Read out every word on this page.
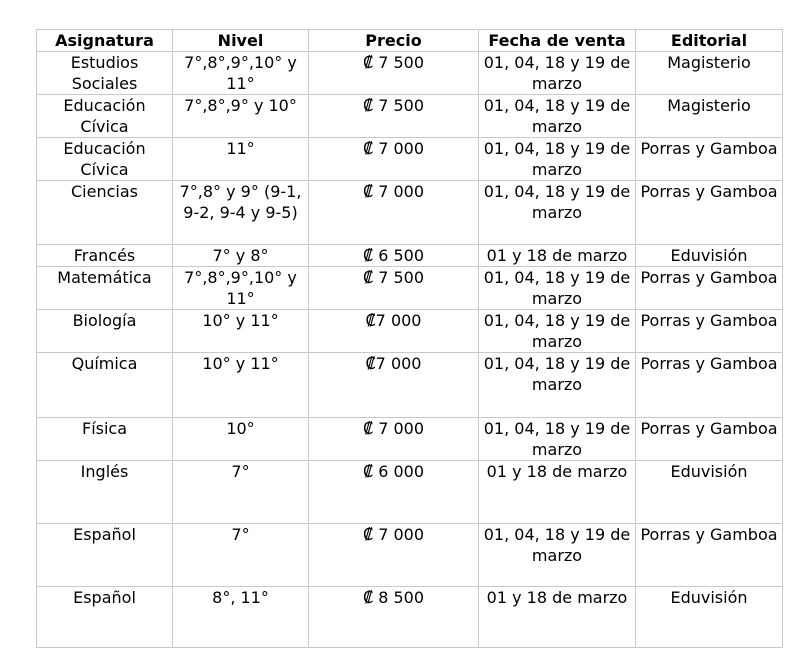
Asignatura	Nivel	Precio	Fecha de venta	Editorial
Estudios Sociales	7°,8°,9°,10° y 11°	₡ 7 500	01, 04, 18 y 19 de marzo	Magisterio
Educación Cívica	7°,8°,9° y 10°	₡ 7 500	01, 04, 18 y 19 de marzo	Magisterio
Educación Cívica	11°	₡ 7 000	01, 04, 18 y 19 de marzo	Porras y Gamboa
Ciencias	7°,8° y 9° (9-1, 9-2, 9-4 y 9-5)	₡ 7 000	01, 04, 18 y 19 de marzo	Porras y Gamboa
Francés	7° y 8°	₡ 6 500	01 y 18 de marzo	Eduvisión
Matemática	7°,8°,9°,10° y 11°	₡ 7 500	01, 04, 18 y 19 de marzo	Porras y Gamboa
Biología	10° y 11°	₡7 000	01, 04, 18 y 19 de marzo	Porras y Gamboa
Química	10° y 11°	₡7 000	01, 04, 18 y 19 de marzo	Porras y Gamboa
Física	10°	₡ 7 000	01, 04, 18 y 19 de marzo	Porras y Gamboa
Inglés	7°	₡ 6 000	01 y 18 de marzo	Eduvisión
Español	7°	₡ 7 000	01, 04, 18 y 19 de marzo	Porras y Gamboa
Español	8°, 11°	₡ 8 500	01 y 18 de marzo	Eduvisión
